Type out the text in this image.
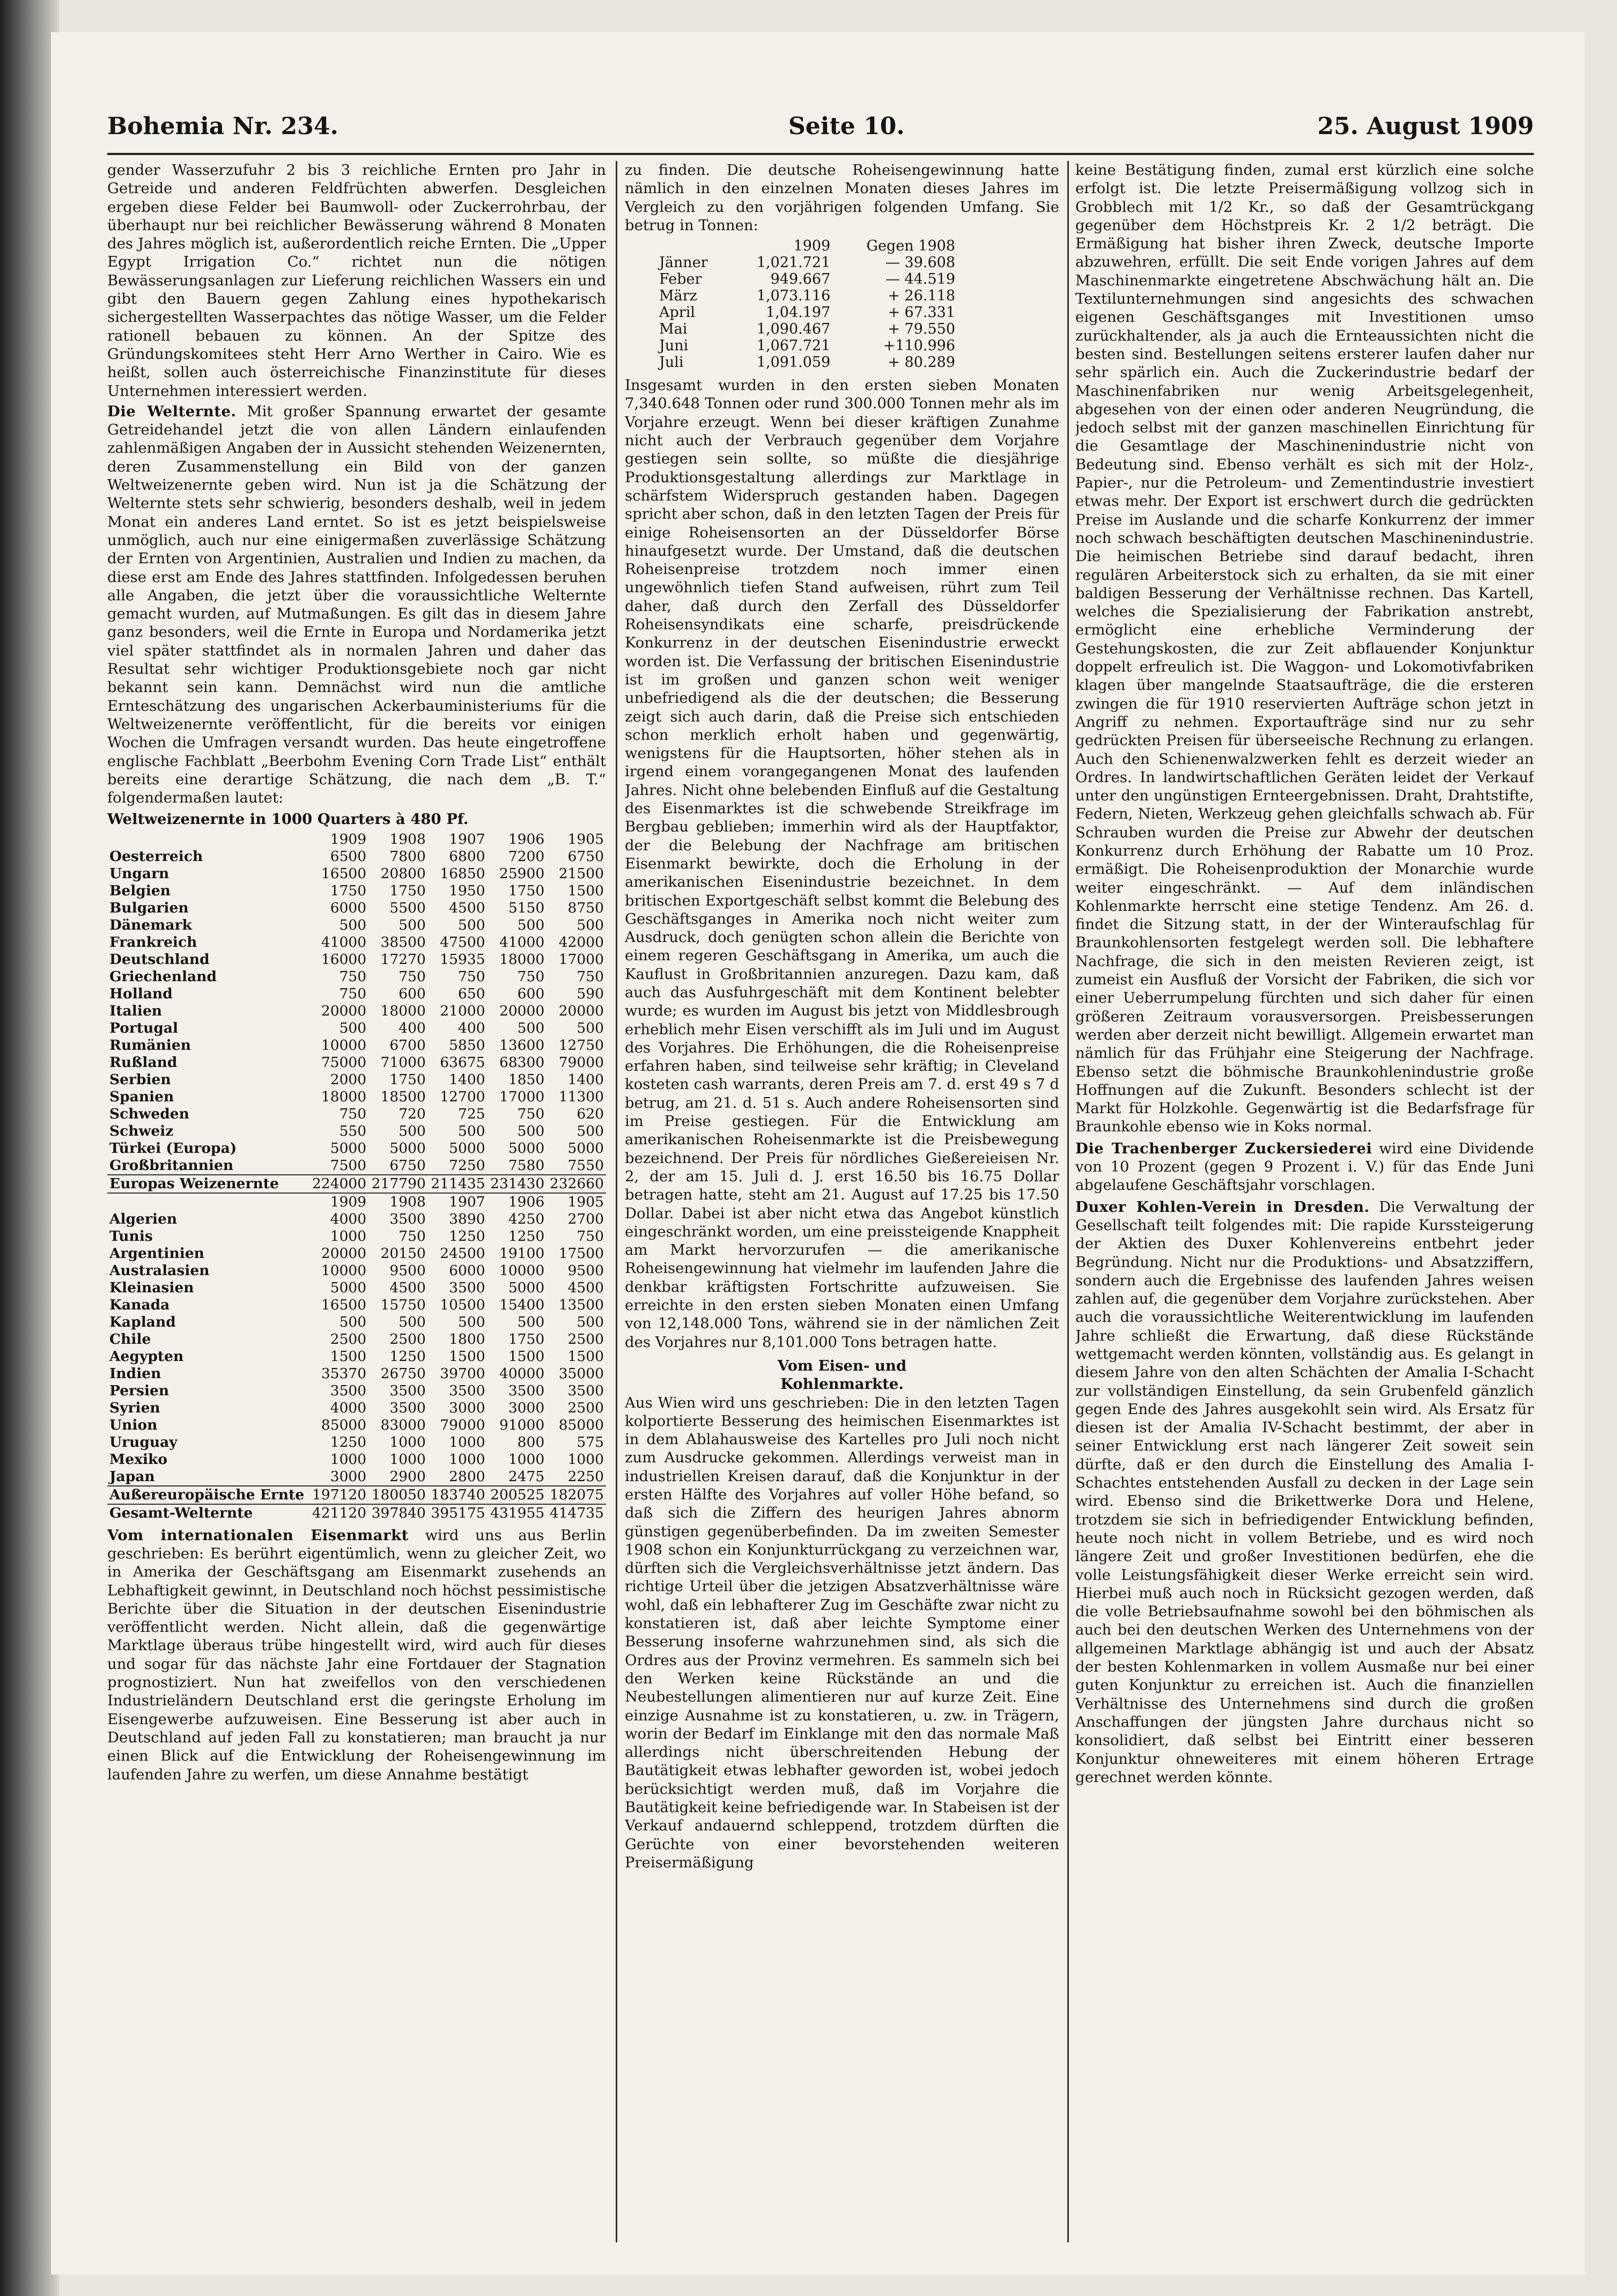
Bohemia Nr. 234.	Seite 10.	25. August 1909

gender Wasserzufuhr 2 bis 3 reichliche Ernten pro Jahr in Getreide und anderen Feldfrüchten abwerfen. Desgleichen ergeben diese Felder bei Baumwoll- oder Zuckerrohrbau, der überhaupt nur bei reichlicher Bewässerung während 8 Monaten des Jahres möglich ist, außerordentlich reiche Ernten. Die „Upper Egypt Irrigation Co.“ richtet nun die nötigen Bewässerungsanlagen zur Lieferung reichlichen Wassers ein und gibt den Bauern gegen Zahlung eines hypothekarisch sichergestellten Wasserpachtes das nötige Wasser, um die Felder rationell bebauen zu können. An der Spitze des Gründungskomitees steht Herr Arno Werther in Cairo. Wie es heißt, sollen auch österreichische Finanzinstitute für dieses Unternehmen interessiert werden.

Die Welternte. Mit großer Spannung erwartet der gesamte Getreidehandel jetzt die von allen Ländern einlaufenden zahlenmäßigen Angaben der in Aussicht stehenden Weizenernten, deren Zusammenstellung ein Bild von der ganzen Weltweizenernte geben wird. Nun ist ja die Schätzung der Welternte stets sehr schwierig, besonders deshalb, weil in jedem Monat ein anderes Land erntet. So ist es jetzt beispielsweise unmöglich, auch nur eine einigermaßen zuverlässige Schätzung der Ernten von Argentinien, Australien und Indien zu machen, da diese erst am Ende des Jahres stattfinden. Infolgedessen beruhen alle Angaben, die jetzt über die voraussichtliche Welternte gemacht wurden, auf Mutmaßungen. Es gilt das in diesem Jahre ganz besonders, weil die Ernte in Europa und Nordamerika jetzt viel später stattfindet als in normalen Jahren und daher das Resultat sehr wichtiger Produktionsgebiete noch gar nicht bekannt sein kann. Demnächst wird nun die amtliche Ernteschätzung des ungarischen Ackerbauministeriums für die Weltweizenernte veröffentlicht, für die bereits vor einigen Wochen die Umfragen versandt wurden. Das heute eingetroffene englische Fachblatt „Beerbohm Evening Corn Trade List“ enthält bereits eine derartige Schätzung, die nach dem „B. T.“ folgendermaßen lautet:

Weltweizenernte in 1000 Quarters à 480 Pf.
	1909	1908	1907	1906	1905
Oesterreich	6500	7800	6800	7200	6750
Ungarn	16500	20800	16850	25900	21500
Belgien	1750	1750	1950	1750	1500
Bulgarien	6000	5500	4500	5150	8750
Dänemark	500	500	500	500	500
Frankreich	41000	38500	47500	41000	42000
Deutschland	16000	17270	15935	18000	17000
Griechenland	750	750	750	750	750
Holland	750	600	650	600	590
Italien	20000	18000	21000	20000	20000
Portugal	500	400	400	500	500
Rumänien	10000	6700	5850	13600	12750
Rußland	75000	71000	63675	68300	79000
Serbien	2000	1750	1400	1850	1400
Spanien	18000	18500	12700	17000	11300
Schweden	750	720	725	750	620
Schweiz	550	500	500	500	500
Türkei (Europa)	5000	5000	5000	5000	5000
Großbritannien	7500	6750	7250	7580	7550
Europas Weizenernte	224000	217790	211435	231430	232660
	1909	1908	1907	1906	1905
Algerien	4000	3500	3890	4250	2700
Tunis	1000	750	1250	1250	750
Argentinien	20000	20150	24500	19100	17500
Australasien	10000	9500	6000	10000	9500
Kleinasien	5000	4500	3500	5000	4500
Kanada	16500	15750	10500	15400	13500
Kapland	500	500	500	500	500
Chile	2500	2500	1800	1750	2500
Aegypten	1500	1250	1500	1500	1500
Indien	35370	26750	39700	40000	35000
Persien	3500	3500	3500	3500	3500
Syrien	4000	3500	3000	3000	2500
Union	85000	83000	79000	91000	85000
Uruguay	1250	1000	1000	800	575
Mexiko	1000	1000	1000	1000	1000
Japan	3000	2900	2800	2475	2250
Außereuropäische Ernte	197120	180050	183740	200525	182075
Gesamt-Welternte	421120	397840	395175	431955	414735

Vom internationalen Eisenmarkt wird uns aus Berlin geschrieben: Es berührt eigentümlich, wenn zu gleicher Zeit, wo in Amerika der Geschäftsgang am Eisenmarkt zusehends an Lebhaftigkeit gewinnt, in Deutschland noch höchst pessimistische Berichte über die Situation in der deutschen Eisenindustrie veröffentlicht werden. Nicht allein, daß die gegenwärtige Marktlage überaus trübe hingestellt wird, wird auch für dieses und sogar für das nächste Jahr eine Fortdauer der Stagnation prognostiziert. Nun hat zweifellos von den verschiedenen Industrieländern Deutschland erst die geringste Erholung im Eisengewerbe aufzuweisen. Eine Besserung ist aber auch in Deutschland auf jeden Fall zu konstatieren; man braucht ja nur einen Blick auf die Entwicklung der Roheisengewinnung im laufenden Jahre zu werfen, um diese Annahme bestätigt

zu finden. Die deutsche Roheisengewinnung hatte nämlich in den einzelnen Monaten dieses Jahres im Vergleich zu den vorjährigen folgenden Umfang. Sie betrug in Tonnen:

	1909	Gegen 1908
Jänner	1,021.721	— 39.608
Feber	949.667	— 44.519
März	1,073.116	+ 26.118
April	1,04.197	+ 67.331
Mai	1,090.467	+ 79.550
Juni	1,067.721	+110.996
Juli	1,091.059	+ 80.289

Insgesamt wurden in den ersten sieben Monaten 7,340.648 Tonnen oder rund 300.000 Tonnen mehr als im Vorjahre erzeugt. Wenn bei dieser kräftigen Zunahme nicht auch der Verbrauch gegenüber dem Vorjahre gestiegen sein sollte, so müßte die diesjährige Produktionsgestaltung allerdings zur Marktlage in schärfstem Widerspruch gestanden haben. Dagegen spricht aber schon, daß in den letzten Tagen der Preis für einige Roheisensorten an der Düsseldorfer Börse hinaufgesetzt wurde. Der Umstand, daß die deutschen Roheisenpreise trotzdem noch immer einen ungewöhnlich tiefen Stand aufweisen, rührt zum Teil daher, daß durch den Zerfall des Düsseldorfer Roheisensyndikats eine scharfe, preisdrückende Konkurrenz in der deutschen Eisenindustrie erweckt worden ist. Die Verfassung der britischen Eisenindustrie ist im großen und ganzen schon weit weniger unbefriedigend als die der deutschen; die Besserung zeigt sich auch darin, daß die Preise sich entschieden schon merklich erholt haben und gegenwärtig, wenigstens für die Hauptsorten, höher stehen als in irgend einem vorangegangenen Monat des laufenden Jahres. Nicht ohne belebenden Einfluß auf die Gestaltung des Eisenmarktes ist die schwebende Streikfrage im Bergbau geblieben; immerhin wird als der Hauptfaktor, der die Belebung der Nachfrage am britischen Eisenmarkt bewirkte, doch die Erholung in der amerikanischen Eisenindustrie bezeichnet. In dem britischen Exportgeschäft selbst kommt die Belebung des Geschäftsganges in Amerika noch nicht weiter zum Ausdruck, doch genügten schon allein die Berichte von einem regeren Geschäftsgang in Amerika, um auch die Kauflust in Großbritannien anzuregen. Dazu kam, daß auch das Ausfuhrgeschäft mit dem Kontinent belebter wurde; es wurden im August bis jetzt von Middlesbrough erheblich mehr Eisen verschifft als im Juli und im August des Vorjahres. Die Erhöhungen, die die Roheisenpreise erfahren haben, sind teilweise sehr kräftig; in Cleveland kosteten cash warrants, deren Preis am 7. d. erst 49 s 7 d betrug, am 21. d. 51 s. Auch andere Roheisensorten sind im Preise gestiegen. Für die Entwicklung am amerikanischen Roheisenmarkte ist die Preisbewegung bezeichnend. Der Preis für nördliches Gießereieisen Nr. 2, der am 15. Juli d. J. erst 16.50 bis 16.75 Dollar betragen hatte, steht am 21. August auf 17.25 bis 17.50 Dollar. Dabei ist aber nicht etwa das Angebot künstlich eingeschränkt worden, um eine preissteigende Knappheit am Markt hervorzurufen — die amerikanische Roheisengewinnung hat vielmehr im laufenden Jahre die denkbar kräftigsten Fortschritte aufzuweisen. Sie erreichte in den ersten sieben Monaten einen Umfang von 12,148.000 Tons, während sie in der nämlichen Zeit des Vorjahres nur 8,101.000 Tons betragen hatte.

Vom Eisen- und
Kohlenmarkte.

Aus Wien wird uns geschrieben: Die in den letzten Tagen kolportierte Besserung des heimischen Eisenmarktes ist in dem Ablahausweise des Kartelles pro Juli noch nicht zum Ausdrucke gekommen. Allerdings verweist man in industriellen Kreisen darauf, daß die Konjunktur in der ersten Hälfte des Vorjahres auf voller Höhe befand, so daß sich die Ziffern des heurigen Jahres abnorm günstigen gegenüberbefinden. Da im zweiten Semester 1908 schon ein Konjunkturrückgang zu verzeichnen war, dürften sich die Vergleichsverhältnisse jetzt ändern. Das richtige Urteil über die jetzigen Absatzverhältnisse wäre wohl, daß ein lebhafterer Zug im Geschäfte zwar nicht zu konstatieren ist, daß aber leichte Symptome einer Besserung insoferne wahrzunehmen sind, als sich die Ordres aus der Provinz vermehren. Es sammeln sich bei den Werken keine Rückstände an und die Neubestellungen alimentieren nur auf kurze Zeit. Eine einzige Ausnahme ist zu konstatieren, u. zw. in Trägern, worin der Bedarf im Einklange mit den das normale Maß allerdings nicht überschreitenden Hebung der Bautätigkeit etwas lebhafter geworden ist, wobei jedoch berücksichtigt werden muß, daß im Vorjahre die Bautätigkeit keine befriedigende war. In Stabeisen ist der Verkauf andauernd schleppend, trotzdem dürften die Gerüchte von einer bevorstehenden weiteren Preisermäßigung

keine Bestätigung finden, zumal erst kürzlich eine solche erfolgt ist. Die letzte Preisermäßigung vollzog sich in Grobblech mit 1/2 Kr., so daß der Gesamtrückgang gegenüber dem Höchstpreis Kr. 2 1/2 beträgt. Die Ermäßigung hat bisher ihren Zweck, deutsche Importe abzuwehren, erfüllt. Die seit Ende vorigen Jahres auf dem Maschinenmarkte eingetretene Abschwächung hält an. Die Textilunternehmungen sind angesichts des schwachen eigenen Geschäftsganges mit Investitionen umso zurückhaltender, als ja auch die Ernteaussichten nicht die besten sind. Bestellungen seitens ersterer laufen daher nur sehr spärlich ein. Auch die Zuckerindustrie bedarf der Maschinenfabriken nur wenig Arbeitsgelegenheit, abgesehen von der einen oder anderen Neugründung, die jedoch selbst mit der ganzen maschinellen Einrichtung für die Gesamtlage der Maschinenindustrie nicht von Bedeutung sind. Ebenso verhält es sich mit der Holz-, Papier-, nur die Petroleum- und Zementindustrie investiert etwas mehr. Der Export ist erschwert durch die gedrückten Preise im Auslande und die scharfe Konkurrenz der immer noch schwach beschäftigten deutschen Maschinenindustrie. Die heimischen Betriebe sind darauf bedacht, ihren regulären Arbeiterstock sich zu erhalten, da sie mit einer baldigen Besserung der Verhältnisse rechnen. Das Kartell, welches die Spezialisierung der Fabrikation anstrebt, ermöglicht eine erhebliche Verminderung der Gestehungskosten, die zur Zeit abflauender Konjunktur doppelt erfreulich ist. Die Waggon- und Lokomotivfabriken klagen über mangelnde Staatsaufträge, die die ersteren zwingen die für 1910 reservierten Aufträge schon jetzt in Angriff zu nehmen. Exportaufträge sind nur zu sehr gedrückten Preisen für überseeische Rechnung zu erlangen. Auch den Schienenwalzwerken fehlt es derzeit wieder an Ordres. In landwirtschaftlichen Geräten leidet der Verkauf unter den ungünstigen Ernteergebnissen. Draht, Drahtstifte, Federn, Nieten, Werkzeug gehen gleichfalls schwach ab. Für Schrauben wurden die Preise zur Abwehr der deutschen Konkurrenz durch Erhöhung der Rabatte um 10 Proz. ermäßigt. Die Roheisenproduktion der Monarchie wurde weiter eingeschränkt. — Auf dem inländischen Kohlenmarkte herrscht eine stetige Tendenz. Am 26. d. findet die Sitzung statt, in der der Winteraufschlag für Braunkohlensorten festgelegt werden soll. Die lebhaftere Nachfrage, die sich in den meisten Revieren zeigt, ist zumeist ein Ausfluß der Vorsicht der Fabriken, die sich vor einer Ueberrumpelung fürchten und sich daher für einen größeren Zeitraum vorausversorgen. Preisbesserungen werden aber derzeit nicht bewilligt. Allgemein erwartet man nämlich für das Frühjahr eine Steigerung der Nachfrage. Ebenso setzt die böhmische Braunkohlenindustrie große Hoffnungen auf die Zukunft. Besonders schlecht ist der Markt für Holzkohle. Gegenwärtig ist die Bedarfsfrage für Braunkohle ebenso wie in Koks normal.

Die Trachenberger Zuckersiederei wird eine Dividende von 10 Prozent (gegen 9 Prozent i. V.) für das Ende Juni abgelaufene Geschäftsjahr vorschlagen.

Duxer Kohlen-Verein in Dresden. Die Verwaltung der Gesellschaft teilt folgendes mit: Die rapide Kurssteigerung der Aktien des Duxer Kohlenvereins entbehrt jeder Begründung. Nicht nur die Produktions- und Absatzziffern, sondern auch die Ergebnisse des laufenden Jahres weisen zahlen auf, die gegenüber dem Vorjahre zurückstehen. Aber auch die voraussichtliche Weiterentwicklung im laufenden Jahre schließt die Erwartung, daß diese Rückstände wettgemacht werden könnten, vollständig aus. Es gelangt in diesem Jahre von den alten Schächten der Amalia I-Schacht zur vollständigen Einstellung, da sein Grubenfeld gänzlich gegen Ende des Jahres ausgekohlt sein wird. Als Ersatz für diesen ist der Amalia IV-Schacht bestimmt, der aber in seiner Entwicklung erst nach längerer Zeit soweit sein dürfte, daß er den durch die Einstellung des Amalia I-Schachtes entstehenden Ausfall zu decken in der Lage sein wird. Ebenso sind die Brikettwerke Dora und Helene, trotzdem sie sich in befriedigender Entwicklung befinden, heute noch nicht in vollem Betriebe, und es wird noch längere Zeit und großer Investitionen bedürfen, ehe die volle Leistungsfähigkeit dieser Werke erreicht sein wird. Hierbei muß auch noch in Rücksicht gezogen werden, daß die volle Betriebsaufnahme sowohl bei den böhmischen als auch bei den deutschen Werken des Unternehmens von der allgemeinen Marktlage abhängig ist und auch der Absatz der besten Kohlenmarken in vollem Ausmaße nur bei einer guten Konjunktur zu erreichen ist. Auch die finanziellen Verhältnisse des Unternehmens sind durch die großen Anschaffungen der jüngsten Jahre durchaus nicht so konsolidiert, daß selbst bei Eintritt einer besseren Konjunktur ohneweiteres mit einem höheren Ertrage gerechnet werden könnte.
